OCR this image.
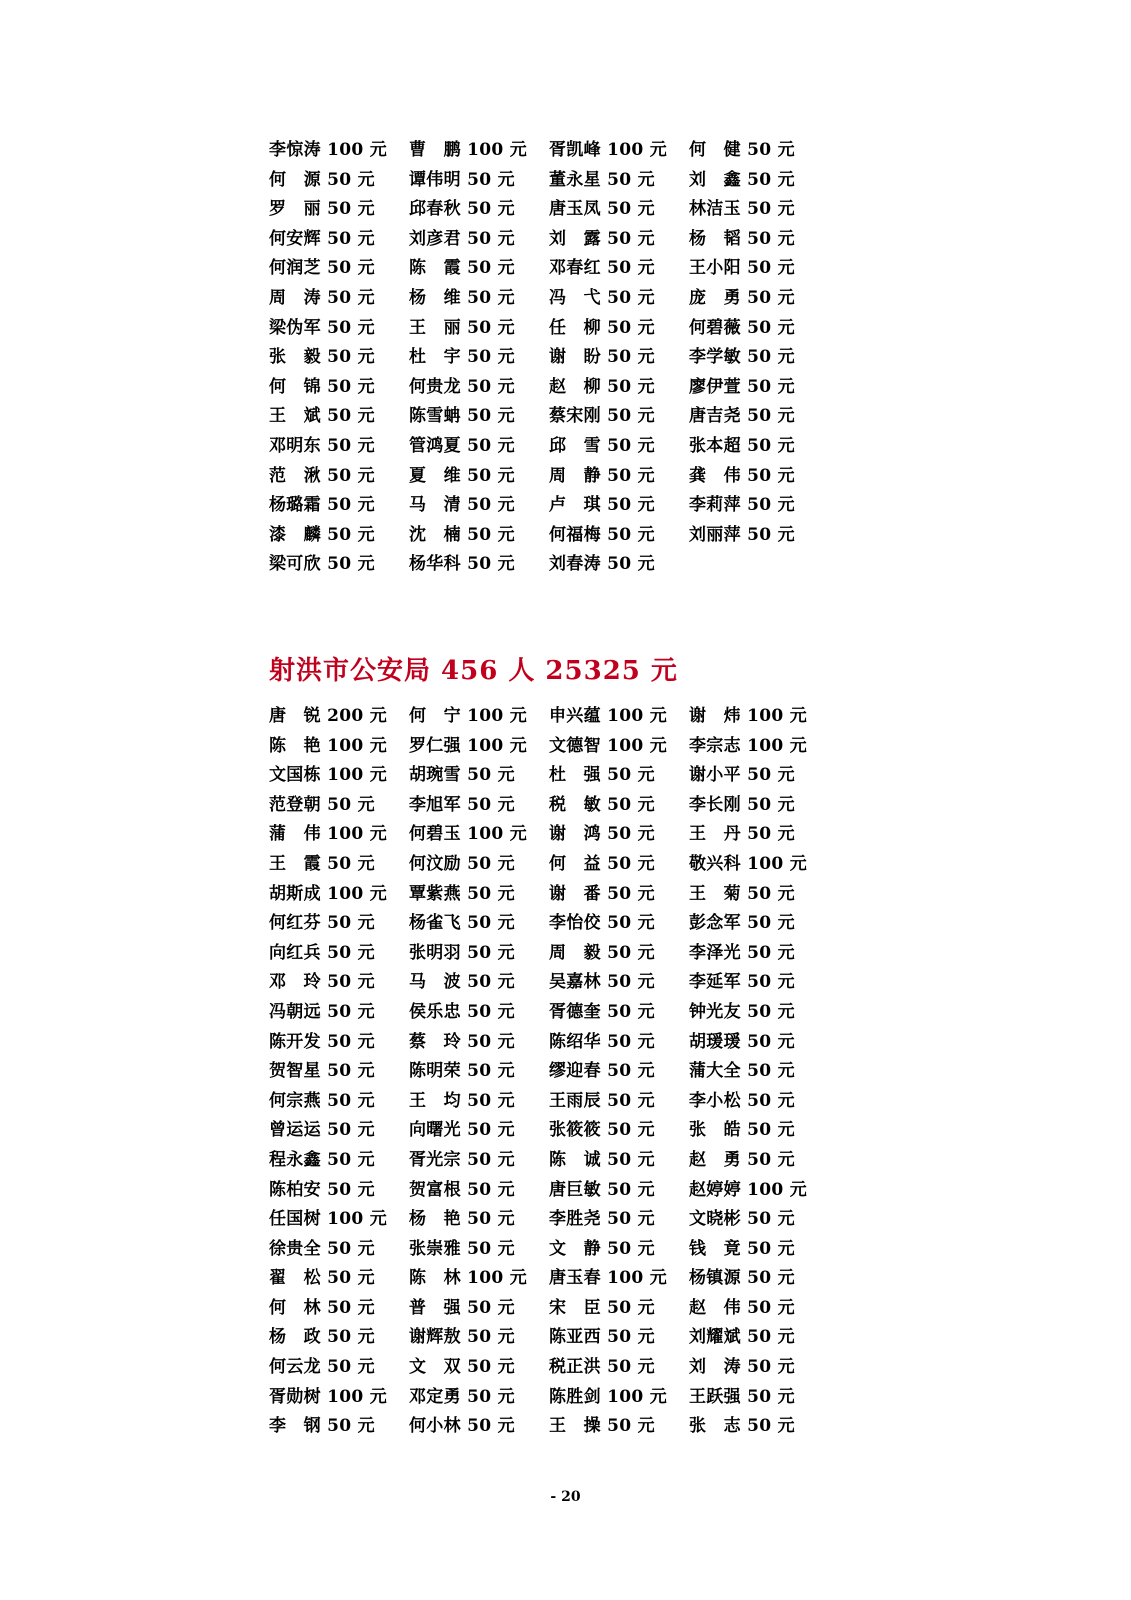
李惊涛 100 元	曹　鹏 100 元	胥凯峰 100 元	何　健 50 元
何　源 50 元	谭伟明 50 元	董永星 50 元	刘　鑫 50 元
罗　丽 50 元	邱春秋 50 元	唐玉凤 50 元	林洁玉 50 元
何安辉 50 元	刘彦君 50 元	刘　露 50 元	杨　韬 50 元
何润芝 50 元	陈　霞 50 元	邓春红 50 元	王小阳 50 元
周　涛 50 元	杨　维 50 元	冯　弋 50 元	庞　勇 50 元
梁伪军 50 元	王　丽 50 元	任　柳 50 元	何碧薇 50 元
张　毅 50 元	杜　宇 50 元	谢　盼 50 元	李学敏 50 元
何　锦 50 元	何贵龙 50 元	赵　柳 50 元	廖伊萱 50 元
王　斌 50 元	陈雪蚺 50 元	蔡宋刚 50 元	唐吉尧 50 元
邓明东 50 元	管鸿夏 50 元	邱　雪 50 元	张本超 50 元
范　湫 50 元	夏　维 50 元	周　静 50 元	龚　伟 50 元
杨璐霜 50 元	马　清 50 元	卢　琪 50 元	李莉萍 50 元
漆　麟 50 元	沈　楠 50 元	何福梅 50 元	刘丽萍 50 元
梁可欣 50 元	杨华科 50 元	刘春涛 50 元
射洪市公安局 456 人 25325 元
唐　锐 200 元	何　宁 100 元	申兴蕴 100 元	谢　炜 100 元
陈　艳 100 元	罗仁强 100 元	文德智 100 元	李宗志 100 元
文国栋 100 元	胡琬雪 50 元	杜　强 50 元	谢小平 50 元
范登朝 50 元	李旭军 50 元	税　敏 50 元	李长刚 50 元
蒲　伟 100 元	何碧玉 100 元	谢　鸿 50 元	王　丹 50 元
王　霞 50 元	何汶励 50 元	何　益 50 元	敬兴科 100 元
胡斯成 100 元	覃紫燕 50 元	谢　番 50 元	王　菊 50 元
何红芬 50 元	杨雀飞 50 元	李怡佼 50 元	彭念军 50 元
向红兵 50 元	张明羽 50 元	周　毅 50 元	李泽光 50 元
邓　玲 50 元	马　波 50 元	吴嘉林 50 元	李延军 50 元
冯朝远 50 元	侯乐忠 50 元	胥德奎 50 元	钟光友 50 元
陈开发 50 元	蔡　玲 50 元	陈绍华 50 元	胡瑗瑗 50 元
贺智星 50 元	陈明荣 50 元	缪迎春 50 元	蒲大全 50 元
何宗燕 50 元	王　均 50 元	王雨辰 50 元	李小松 50 元
曾运运 50 元	向曙光 50 元	张筱筱 50 元	张　皓 50 元
程永鑫 50 元	胥光宗 50 元	陈　诚 50 元	赵　勇 50 元
陈柏安 50 元	贺富根 50 元	唐巨敏 50 元	赵婷婷 100 元
任国树 100 元	杨　艳 50 元	李胜尧 50 元	文晓彬 50 元
徐贵全 50 元	张崇雅 50 元	文　静 50 元	钱　竟 50 元
翟　松 50 元	陈　林 100 元	唐玉春 100 元	杨镇源 50 元
何　林 50 元	普　强 50 元	宋　臣 50 元	赵　伟 50 元
杨　政 50 元	谢辉敖 50 元	陈亚西 50 元	刘耀斌 50 元
何云龙 50 元	文　双 50 元	税正洪 50 元	刘　涛 50 元
胥勋树 100 元	邓定勇 50 元	陈胜剑 100 元	王跃强 50 元
李　钢 50 元	何小林 50 元	王　操 50 元	张　志 50 元
- 20
